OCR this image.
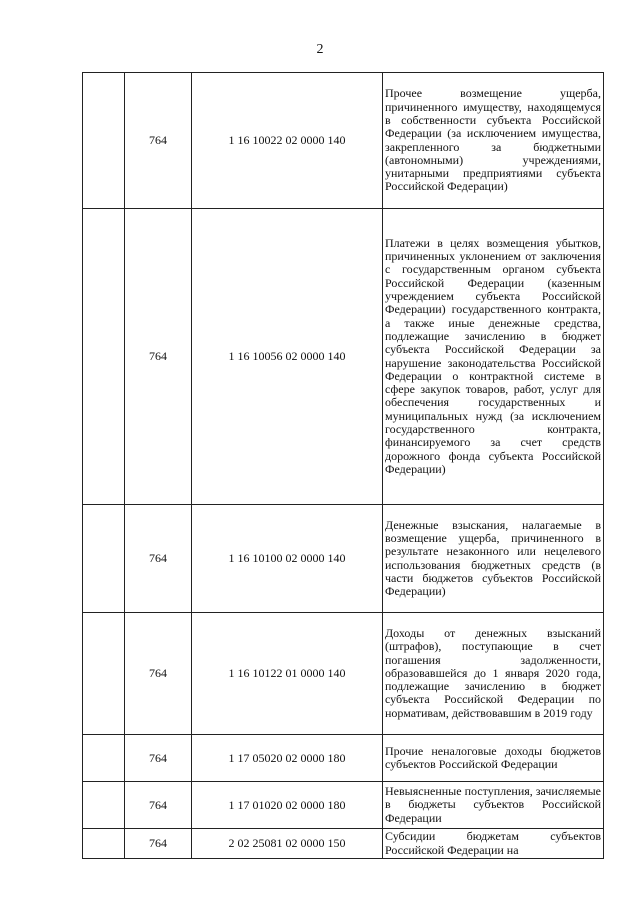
2
	764	1 16 10022 02 0000 140	Прочее возмещение ущерба, причиненного имуществу, находящемуся в собственности субъекта Российской Федерации (за исключением имущества, закрепленного за бюджетными (автономными) учреждениями, унитарными предприятиями субъекта Российской Федерации)
	764	1 16 10056 02 0000 140	Платежи в целях возмещения убытков, причиненных уклонением от заключения с государственным органом субъекта Российской Федерации (казенным учреждением субъекта Российской Федерации) государственного контракта, а также иные денежные средства, подлежащие зачислению в бюджет субъекта Российской Федерации за нарушение законодательства Российской Федерации о контрактной системе в сфере закупок товаров, работ, услуг для обеспечения государственных и муниципальных нужд (за исключением государственного контракта, финансируемого за счет средств дорожного фонда субъекта Российской Федерации)
	764	1 16 10100 02 0000 140	Денежные взыскания, налагаемые в возмещение ущерба, причиненного в результате незаконного или нецелевого использования бюджетных средств (в части бюджетов субъектов Российской Федерации)
	764	1 16 10122 01 0000 140	Доходы от денежных взысканий (штрафов), поступающие в счет погашения задолженности, образовавшейся до 1 января 2020 года, подлежащие зачислению в бюджет субъекта Российской Федерации по нормативам, действовавшим в 2019 году
	764	1 17 05020 02 0000 180	Прочие неналоговые доходы бюджетов субъектов Российской Федерации
	764	1 17 01020 02 0000 180	Невыясненные поступления, зачисляемые в бюджеты субъектов Российской Федерации
	764	2 02 25081 02 0000 150	Субсидии бюджетам субъектов Российской Федерации на
